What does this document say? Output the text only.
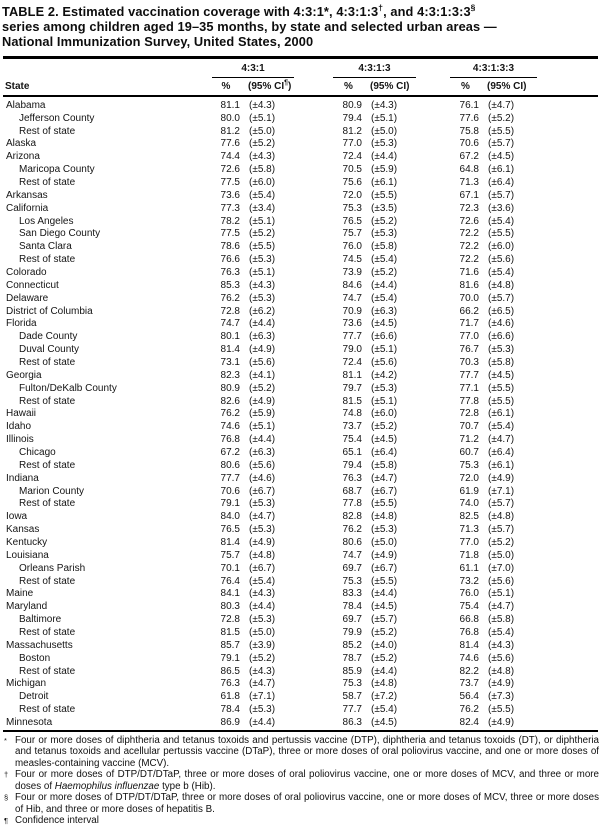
TABLE 2. Estimated vaccination coverage with 4:3:1*, 4:3:1:3†, and 4:3:1:3:3§
series among children aged 19–35 months, by state and selected urban areas —
National Immunization Survey, United States, 2000
4:3:1	4:3:1:3	4:3:1:3:3
State	%	(95% CI¶)	%	(95% CI)	%	(95% CI)
Alabama	81.1 (±4.3)	80.9 (±4.3)	76.1 (±4.7)
Jefferson County	80.0 (±5.1)	79.4 (±5.1)	77.6 (±5.2)
Rest of state	81.2 (±5.0)	81.2 (±5.0)	75.8 (±5.5)
Alaska	77.6 (±5.2)	77.0 (±5.3)	70.6 (±5.7)
Arizona	74.4 (±4.3)	72.4 (±4.4)	67.2 (±4.5)
Maricopa County	72.6 (±5.8)	70.5 (±5.9)	64.8 (±6.1)
Rest of state	77.5 (±6.0)	75.6 (±6.1)	71.3 (±6.4)
Arkansas	73.6 (±5.4)	72.0 (±5.5)	67.1 (±5.7)
California	77.3 (±3.4)	75.3 (±3.5)	72.3 (±3.6)
Los Angeles	78.2 (±5.1)	76.5 (±5.2)	72.6 (±5.4)
San Diego County	77.5 (±5.2)	75.7 (±5.3)	72.2 (±5.5)
Santa Clara	78.6 (±5.5)	76.0 (±5.8)	72.2 (±6.0)
Rest of state	76.6 (±5.3)	74.5 (±5.4)	72.2 (±5.6)
Colorado	76.3 (±5.1)	73.9 (±5.2)	71.6 (±5.4)
Connecticut	85.3 (±4.3)	84.6 (±4.4)	81.6 (±4.8)
Delaware	76.2 (±5.3)	74.7 (±5.4)	70.0 (±5.7)
District of Columbia	72.8 (±6.2)	70.9 (±6.3)	66.2 (±6.5)
Florida	74.7 (±4.4)	73.6 (±4.5)	71.7 (±4.6)
Dade County	80.1 (±6.3)	77.7 (±6.6)	77.0 (±6.6)
Duval County	81.4 (±4.9)	79.0 (±5.1)	76.7 (±5.3)
Rest of state	73.1 (±5.6)	72.4 (±5.6)	70.3 (±5.8)
Georgia	82.3 (±4.1)	81.1 (±4.2)	77.7 (±4.5)
Fulton/DeKalb County	80.9 (±5.2)	79.7 (±5.3)	77.1 (±5.5)
Rest of state	82.6 (±4.9)	81.5 (±5.1)	77.8 (±5.5)
Hawaii	76.2 (±5.9)	74.8 (±6.0)	72.8 (±6.1)
Idaho	74.6 (±5.1)	73.7 (±5.2)	70.7 (±5.4)
Illinois	76.8 (±4.4)	75.4 (±4.5)	71.2 (±4.7)
Chicago	67.2 (±6.3)	65.1 (±6.4)	60.7 (±6.4)
Rest of state	80.6 (±5.6)	79.4 (±5.8)	75.3 (±6.1)
Indiana	77.7 (±4.6)	76.3 (±4.7)	72.0 (±4.9)
Marion County	70.6 (±6.7)	68.7 (±6.7)	61.9 (±7.1)
Rest of state	79.1 (±5.3)	77.8 (±5.5)	74.0 (±5.7)
Iowa	84.0 (±4.7)	82.8 (±4.8)	82.5 (±4.8)
Kansas	76.5 (±5.3)	76.2 (±5.3)	71.3 (±5.7)
Kentucky	81.4 (±4.9)	80.6 (±5.0)	77.0 (±5.2)
Louisiana	75.7 (±4.8)	74.7 (±4.9)	71.8 (±5.0)
Orleans Parish	70.1 (±6.7)	69.7 (±6.7)	61.1 (±7.0)
Rest of state	76.4 (±5.4)	75.3 (±5.5)	73.2 (±5.6)
Maine	84.1 (±4.3)	83.3 (±4.4)	76.0 (±5.1)
Maryland	80.3 (±4.4)	78.4 (±4.5)	75.4 (±4.7)
Baltimore	72.8 (±5.3)	69.7 (±5.7)	66.8 (±5.8)
Rest of state	81.5 (±5.0)	79.9 (±5.2)	76.8 (±5.4)
Massachusetts	85.7 (±3.9)	85.2 (±4.0)	81.4 (±4.3)
Boston	79.1 (±5.2)	78.7 (±5.2)	74.6 (±5.6)
Rest of state	86.5 (±4.3)	85.9 (±4.4)	82.2 (±4.8)
Michigan	76.3 (±4.7)	75.3 (±4.8)	73.7 (±4.9)
Detroit	61.8 (±7.1)	58.7 (±7.2)	56.4 (±7.3)
Rest of state	78.4 (±5.3)	77.7 (±5.4)	76.2 (±5.5)
Minnesota	86.9 (±4.4)	86.3 (±4.5)	82.4 (±4.9)
* Four or more doses of diphtheria and tetanus toxoids and pertussis vaccine (DTP), diphtheria and tetanus toxoids (DT), or diphtheria and tetanus toxoids and acellular pertussis vaccine (DTaP), three or more doses of oral poliovirus vaccine, and one or more doses of measles-containing vaccine (MCV).
† Four or more doses of DTP/DT/DTaP, three or more doses of oral poliovirus vaccine, one or more doses of MCV, and three or more doses of Haemophilus influenzae type b (Hib).
§ Four or more doses of DTP/DT/DTaP, three or more doses of oral poliovirus vaccine, one or more doses of MCV, three or more doses of Hib, and three or more doses of hepatitis B.
¶ Confidence interval
